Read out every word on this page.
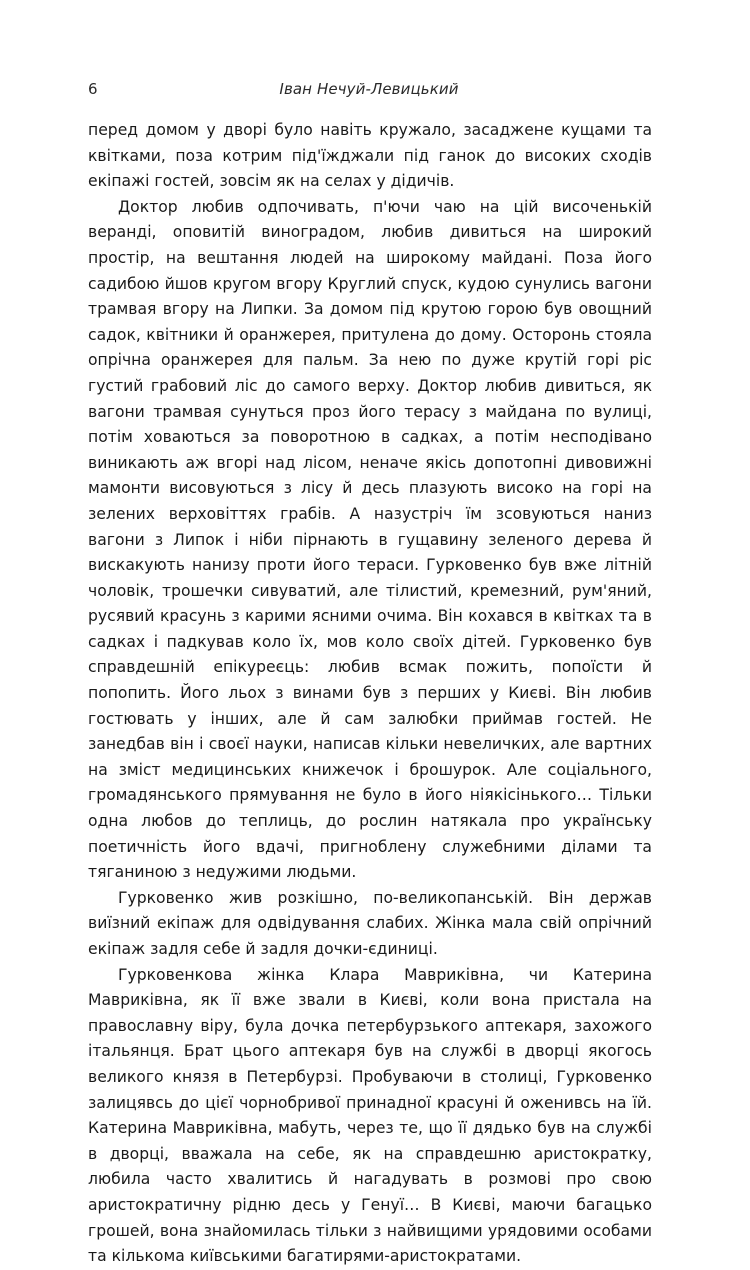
6	Іван Нечуй-Левицький

перед домом у дворі було навіть кружало, засаджене кущами та квітками, поза котрим під'їжджали під ганок до високих сходів екіпажі гостей, зовсім як на селах у дідичів.

Доктор любив одпочивать, п'ючи чаю на цій височенькій веранді, оповитій виноградом, любив дивиться на широкий простір, на вештання людей на широкому майдані. Поза його садибою йшов кругом вгору Круглий спуск, кудою сунулись вагони трамвая вгору на Липки. За домом під крутою горою був овощний садок, квітники й оранжерея, притулена до дому. Осторонь стояла опрічна оранжерея для пальм. За нею по дуже крутій горі ріс густий грабовий ліс до самого верху. Доктор любив дивиться, як вагони трамвая сунуться проз його терасу з майдана по вулиці, потім ховаються за поворотною в садках, а потім несподівано виникають аж вгорі над лісом, неначе якісь допотопні дивовижні мамонти висовуються з лісу й десь плазують високо на горі на зелених верховіттях грабів. А назустріч їм зсовуються наниз вагони з Липок і ніби пірнають в гущавину зеленого дерева й вискакують нанизу проти його тераси. Гурковенко був вже літній чоловік, трошечки сивуватий, але тілистий, кремезний, рум'яний, русявий красунь з карими ясними очима. Він кохався в квітках та в садках і падкував коло їх, мов коло своїх дітей. Гурковенко був справдешній епікуреєць: любив всмак пожить, попоїсти й попопить. Його льох з винами був з перших у Києві. Він любив гостювать у інших, але й сам залюбки приймав гостей. Не занедбав він і своєї науки, написав кільки невеличких, але вартних на зміст медицинських книжечок і брошурок. Але соціального, громадянського прямування не було в його ніякісінького… Тільки одна любов до теплиць, до рослин натякала про українську поетичність його вдачі, пригноблену служебними ділами та тяганиною з недужими людьми.

Гурковенко жив розкішно, по-великопанській. Він держав виїзний екіпаж для одвідування слабих. Жінка мала свій опрічний екіпаж задля себе й задля дочки-єдиниці.

Гурковенкова жінка Клара Мавриківна, чи Катерина Мавриківна, як її вже звали в Києві, коли вона пристала на православну віру, була дочка петербурзького аптекаря, захожого італьянця. Брат цього аптекаря був на службі в дворці якогось великого князя в Петербурзі. Пробуваючи в столиці, Гурковенко залицявсь до цієї чорнобривої принадної красуні й оженивсь на їй. Катерина Мавриківна, мабуть, через те, що її дядько був на службі в дворці, вважала на себе, як на справдешню аристократку, любила часто хвалитись й нагадувать в розмові про свою аристократичну рідню десь у Генуї… В Києві, маючи багацько грошей, вона знайомилась тільки з найвищими урядовими особами та кількома київськими багатирями-аристократами.
